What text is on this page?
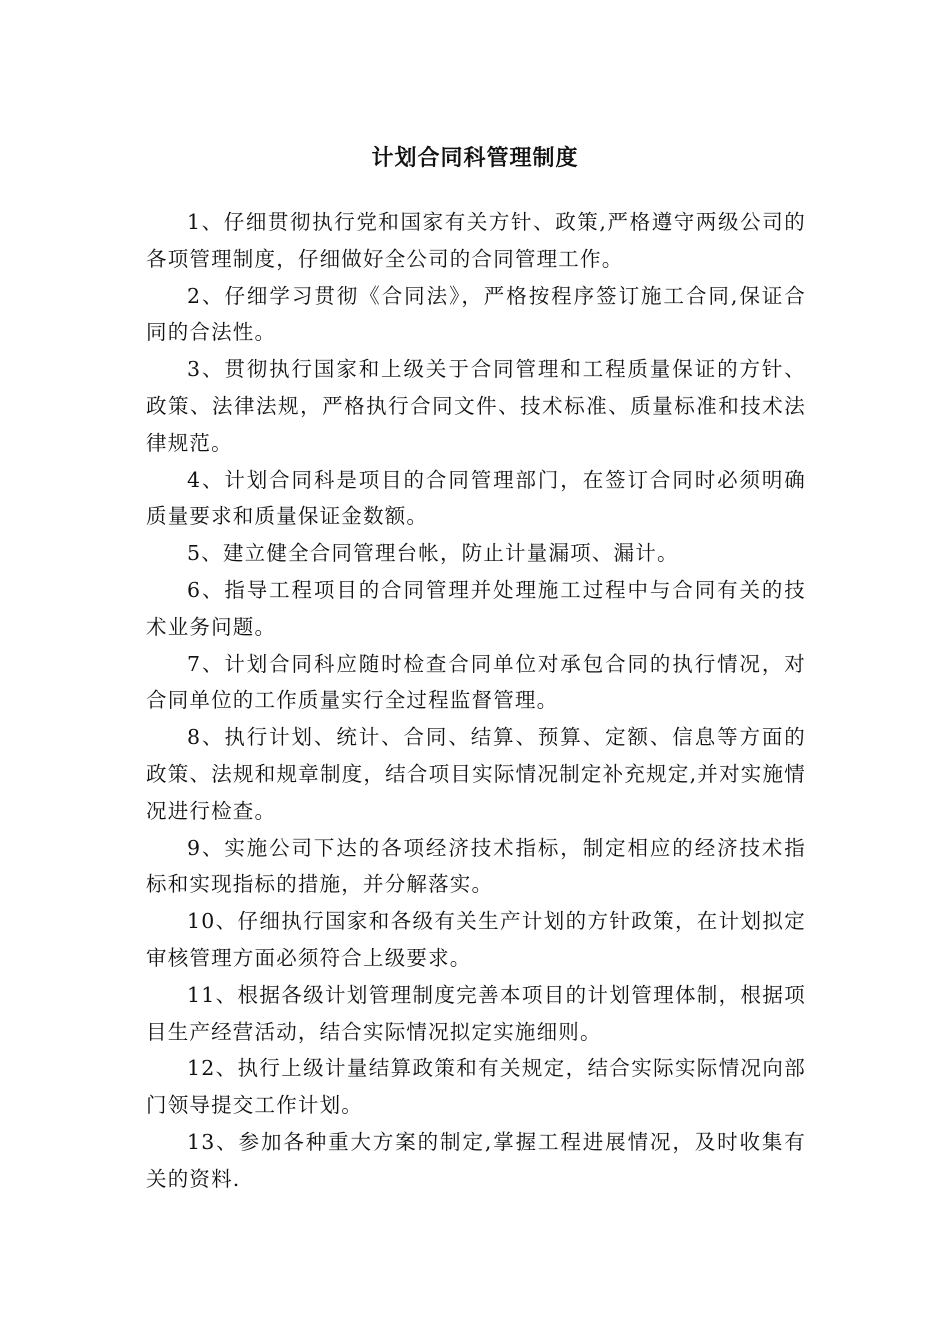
计划合同科管理制度

1、仔细贯彻执行党和国家有关方针、政策,严格遵守两级公司的各项管理制度，仔细做好全公司的合同管理工作。

2、仔细学习贯彻《合同法》，严格按程序签订施工合同,保证合同的合法性。

3、贯彻执行国家和上级关于合同管理和工程质量保证的方针、政策、法律法规，严格执行合同文件、技术标准、质量标准和技术法律规范。

4、计划合同科是项目的合同管理部门，在签订合同时必须明确质量要求和质量保证金数额。

5、建立健全合同管理台帐，防止计量漏项、漏计。

6、指导工程项目的合同管理并处理施工过程中与合同有关的技术业务问题。

7、计划合同科应随时检查合同单位对承包合同的执行情况，对合同单位的工作质量实行全过程监督管理。

8、执行计划、统计、合同、结算、预算、定额、信息等方面的政策、法规和规章制度，结合项目实际情况制定补充规定,并对实施情况进行检查。

9、实施公司下达的各项经济技术指标，制定相应的经济技术指标和实现指标的措施，并分解落实。

10、仔细执行国家和各级有关生产计划的方针政策，在计划拟定审核管理方面必须符合上级要求。

11、根据各级计划管理制度完善本项目的计划管理体制，根据项目生产经营活动，结合实际情况拟定实施细则。

12、执行上级计量结算政策和有关规定，结合实际实际情况向部门领导提交工作计划。

13、参加各种重大方案的制定,掌握工程进展情况，及时收集有关的资料.
